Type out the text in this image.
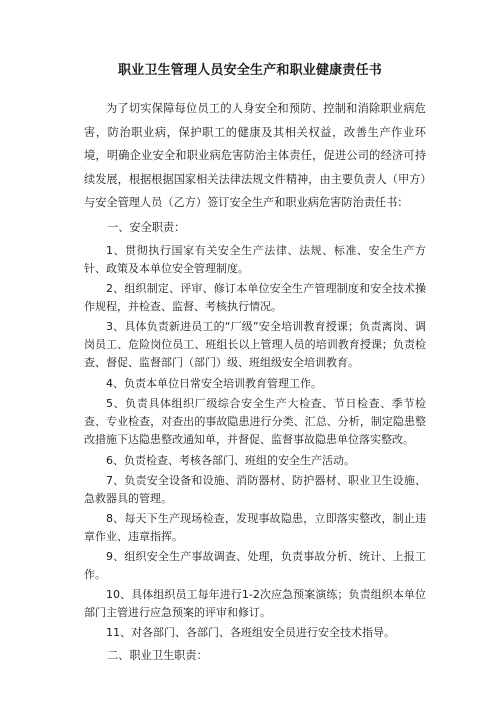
职业卫生管理人员安全生产和职业健康责任书

为了切实保障每位员工的人身安全和预防、控制和消除职业病危害，防治职业病，保护职工的健康及其相关权益，改善生产作业环境，明确企业安全和职业病危害防治主体责任，促进公司的经济可持续发展，根据根据国家相关法律法规文件精神，由主要负责人（甲方）与安全管理人员（乙方）签订安全生产和职业病危害防治责任书：

一、安全职责：

1、贯彻执行国家有关安全生产法律、法规、标准、安全生产方针、政策及本单位安全管理制度。

2、组织制定、评审、修订本单位安全生产管理制度和安全技术操作规程，并检查、监督、考核执行情况。

3、具体负责新进员工的“厂级”安全培训教育授课；负责离岗、调岗员工、危险岗位员工、班组长以上管理人员的培训教育授课；负责检查、督促、监督部门（部门）级、班组级安全培训教育。

4、负责本单位日常安全培训教育管理工作。

5、负责具体组织厂级综合安全生产大检查、节日检查、季节检查、专业检查，对查出的事故隐患进行分类、汇总、分析，制定隐患整改措施下达隐患整改通知单，并督促、监督事故隐患单位落实整改。

6、负责检查、考核各部门、班组的安全生产活动。

7、负责安全设备和设施、消防器材、防护器材、职业卫生设施、急救器具的管理。

8、每天下生产现场检查，发现事故隐患，立即落实整改，制止违章作业、违章指挥。

9、组织安全生产事故调查、处理，负责事故分析、统计、上报工作。

10、具体组织员工每年进行1-2次应急预案演练；负责组织本单位部门主管进行应急预案的评审和修订。

11、对各部门、各部门、各班组安全员进行安全技术指导。

二、职业卫生职责：
